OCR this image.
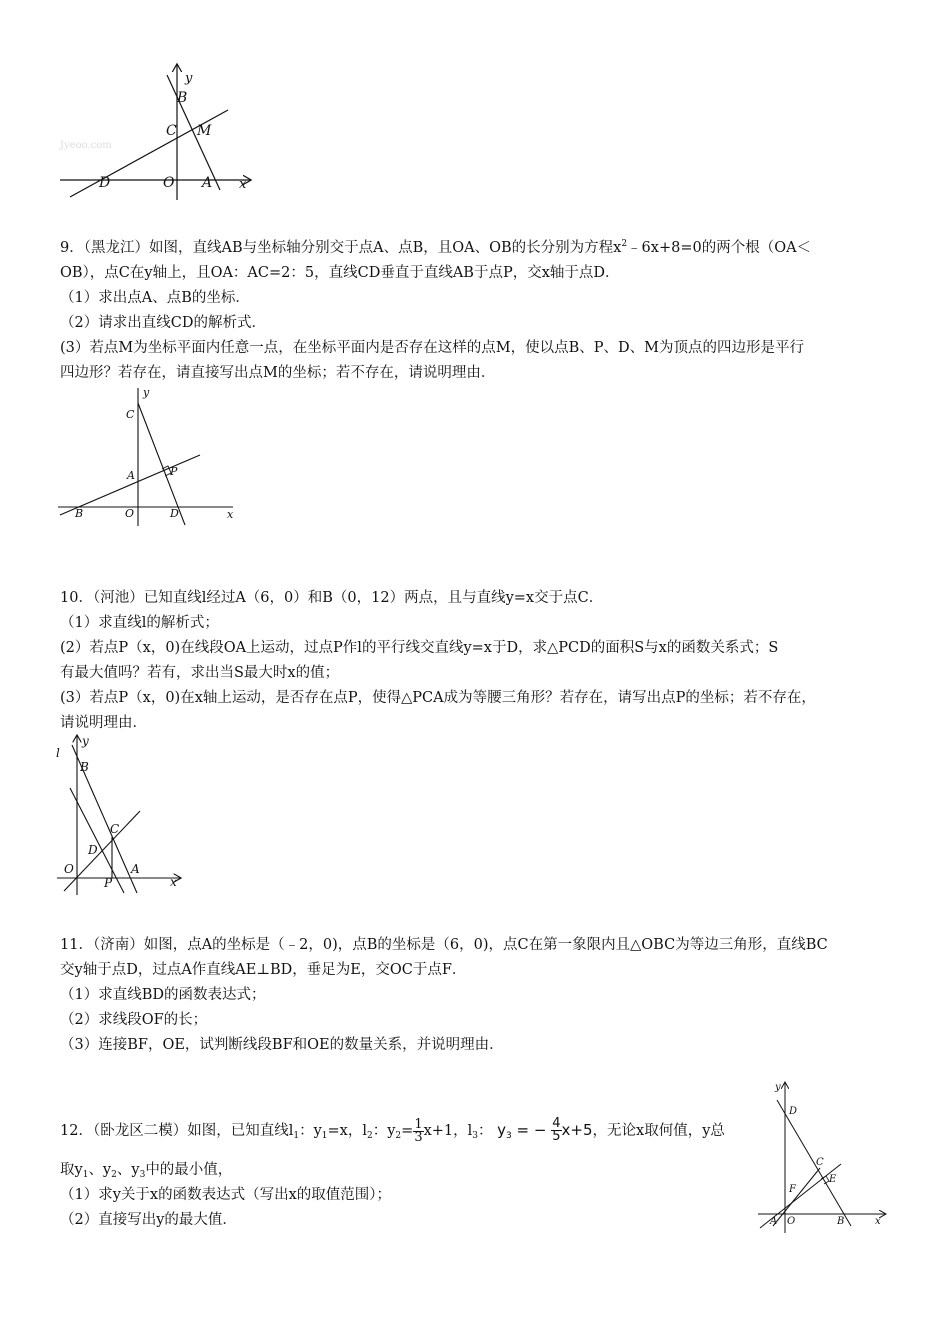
Jyeoo.com
y
B
C M
D	O A x
9．（黑龙江）如图，直线AB与坐标轴分别交于点A、点B，且OA、OB的长分别为方程$x^2﹣6x+8=0$的两个根（OA＜
OB），点C在y轴上，且OA：AC=2：5，直线CD垂直于直线AB于点P，交x轴于点D．
（1）求出点A、点B的坐标．
（2）请求出直线CD的解析式．
(3）若点M为坐标平面内任意一点，在坐标平面内是否存在这样的点M，使以点B、P、D、M为顶点的四边形是平行
四边形？若存在，请直接写出点M的坐标；若不存在，请说明理由．
y
C
A	P
B	O	D	x
10．（河池）已知直线l经过A（6，0）和B（0，12）两点，且与直线y=x交于点C．
（1）求直线l的解析式；
(2）若点P（x，0)在线段OA上运动，过点P作l的平行线交直线y=x于D，求△PCD的面积S与x的函数关系式；S
有最大值吗？若有，求出当S最大时x的值；
(3）若点P（x，0)在x轴上运动，是否存在点P，使得△PCA成为等腰三角形？若存在，请写出点P的坐标；若不存在，
请说明理由．
l
y
B
C
D
O	A
P	x
11．（济南）如图，点A的坐标是（﹣2，0)，点B的坐标是（6，0)，点C在第一象限内且△OBC为等边三角形，直线BC
交y轴于点D，过点A作直线AE⊥BD，垂足为E，交OC于点F．
（1）求直线BD的函数表达式；
（2）求线段OF的长；
（3）连接BF，OE，试判断线段BF和OE的数量关系，并说明理由．
12．（卧龙区二模）如图，已知直线$l_1$：$y_1=x$，$l_2$：$y_2= \frac{1}{3} x+1$，$l_3$： $y_3$ = − $\frac{4}{5} x+5$，无论x取何值，y总
取$y_1$、$y_2$、$y_3$中的最小值，
（1）求y关于x的函数表达式（写出x的取值范围）；
（2）直接写出y的最大值．
y
D
C
E
F
A O	B	x
